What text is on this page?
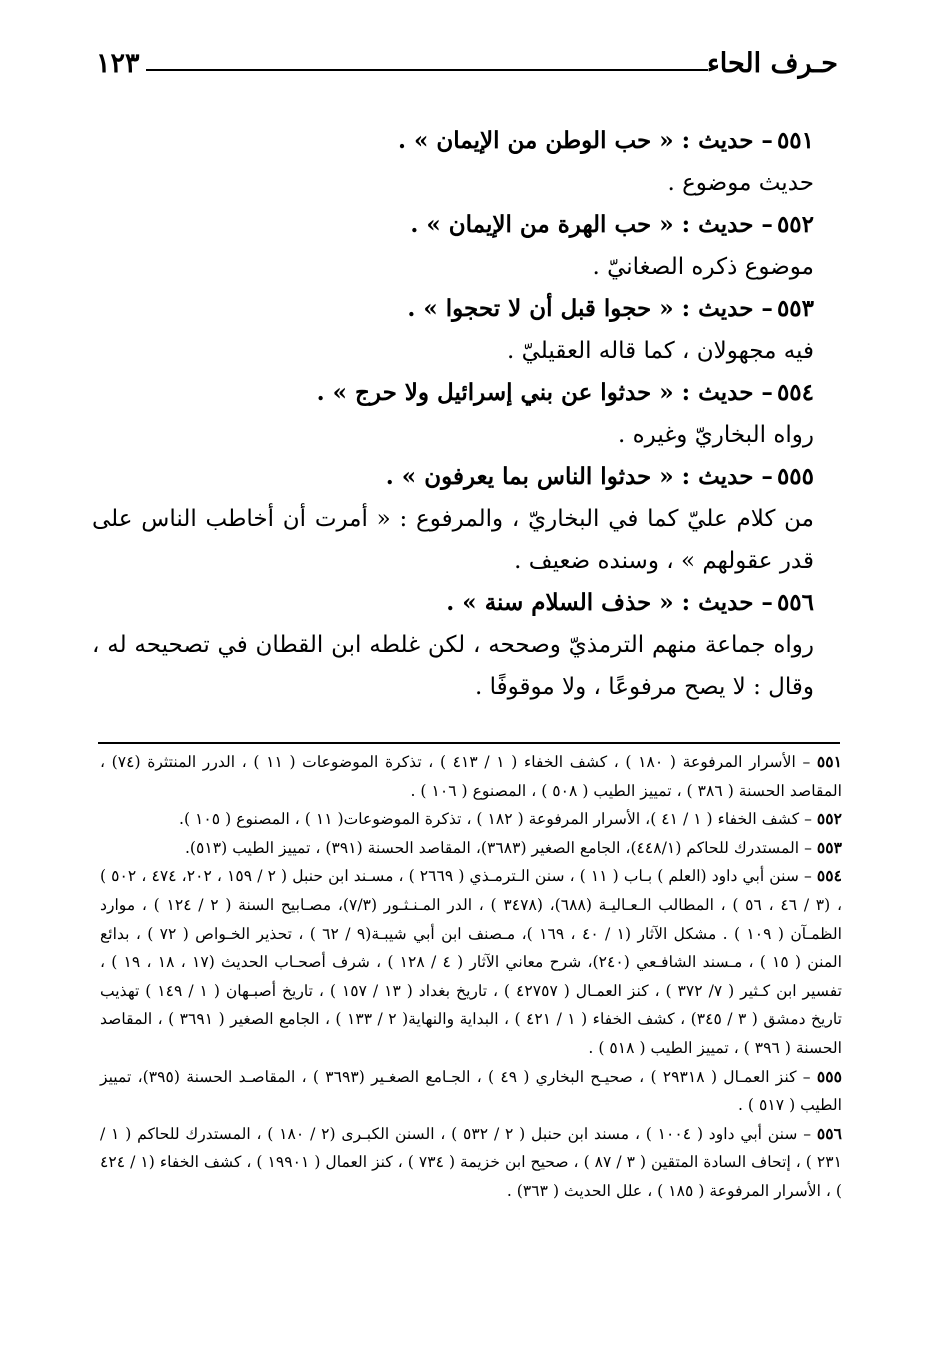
حـرف الحاء
١٢٣

٥٥١– حديث : « حب الوطن من الإيمان » .

حديث موضوع .

٥٥٢– حديث : « حب الهرة من الإيمان » .

موضوع ذكره الصغانيّ .

٥٥٣– حديث : « حجوا قبل أن لا تحجوا » .

فيه مجهولان ، كما قاله العقيليّ .

٥٥٤– حديث : « حدثوا عن بني إسرائيل ولا حرج » .

رواه البخاريّ وغيره .

٥٥٥– حديث : « حدثوا الناس بما يعرفون » .

من كلام عليّ كما في البخاريّ ، والمرفوع : « أمرت أن أخاطب الناس على قدر عقولهم » ، وسنده ضعيف .

٥٥٦– حديث : « حذف السلام سنة » .

رواه جماعة منهم الترمذيّ وصححه ، لكن غلطه ابن القطان في تصحيحه له ، وقال : لا يصح مرفوعًا ، ولا موقوفًا .

٥٥١ – الأسرار المرفوعة ( ١٨٠ ) ، كشف الخفاء ( ١ / ٤١٣ ) ، تذكرة الموضوعات ( ١١ ) ، الدرر المنتثرة (٧٤) ، المقاصد الحسنة ( ٣٨٦ ) ، تمييز الطيب ( ٥٠٨ ) ، المصنوع ( ١٠٦ ) .

٥٥٢ – كشف الخفاء ( ١ / ٤١ )، الأسرار المرفوعة ( ١٨٢ ) ، تذكرة الموضوعات( ١١ ) ، المصنوع ( ١٠٥ ).

٥٥٣ – المستدرك للحاكم (٤٤٨/١)، الجامع الصغير (٣٦٨٣)، المقاصد الحسنة (٣٩١) ، تمييز الطيب (٥١٣).

٥٥٤ – سنن أبي داود (العلم ) بـاب ( ١١ ) ، سنن الـترمـذي ( ٢٦٦٩ ) ، مسـند ابن حنبل ( ٢ / ١٥٩ ، ٢٠٢، ٤٧٤ ، ٥٠٢ ) ، (٣ / ٤٦ ، ٥٦ ) ، المطالب الـعـاليـة (٦٨٨)، (٣٤٧٨ ) ، الدر المـنـثـور (٧/٣)، مصـابيح السنة ( ٢ / ١٢٤ ) ، موارد الظمـآن ( ١٠٩ ) . مشكل الآثار (١ / ٤٠ ، ١٦٩ )، مـصنف ابن أبي شيبـة(٩ / ٦٢ ) ، تحذير الخـواص ( ٧٢ ) ، بدائع المنن ( ١٥ ) ، مـسند الشافـعي (٢٤٠)، شرح معاني الآثار ( ٤ / ١٢٨ ) ، شرف أصحـاب الحديث (١٧ ، ١٨ ، ١٩ ) ، تفسير ابن كـثير ( ٧/ ٣٧٢ ) ، كنز العمـال ( ٤٢٧٥٧ ) ، تاريخ بغداد ( ١٣ / ١٥٧ ) ، تاريخ أصبـهان ( ١ / ١٤٩ ) تهذيب تاريخ دمشق ( ٣ / ٣٤٥) ، كشف الخفاء ( ١ / ٤٢١ ) ، البداية والنهاية( ٢ / ١٣٣ ) ، الجامع الصغير ( ٣٦٩١ ) ، المقاصد الحسنة ( ٣٩٦ ) ، تمييز الطيب ( ٥١٨ ) .

٥٥٥ – كنز العمـال ( ٢٩٣١٨ ) ، صحيـح البخاري ( ٤٩ ) ، الجـامع الصغـير (٣٦٩٣ ) ، المقاصـد الحسنة (٣٩٥)، تمييز الطيب ( ٥١٧ ) .

٥٥٦ – سنن أبي داود ( ١٠٠٤ ) ، مسند ابن حنبل ( ٢ / ٥٣٢ ) ، السنن الكبـرى (٢ / ١٨٠ ) ، المستدرك للحاكم ( ١ / ٢٣١ ) ، إتحاف السادة المتقين ( ٣ / ٨٧ ) ، صحيح ابن خزيمة ( ٧٣٤ ) ، كنز العمال ( ١٩٩٠١ ) ، كشف الخفاء (١ / ٤٢٤ ) ، الأسرار المرفوعة ( ١٨٥ ) ، علل الحديث ( ٣٦٣) .
